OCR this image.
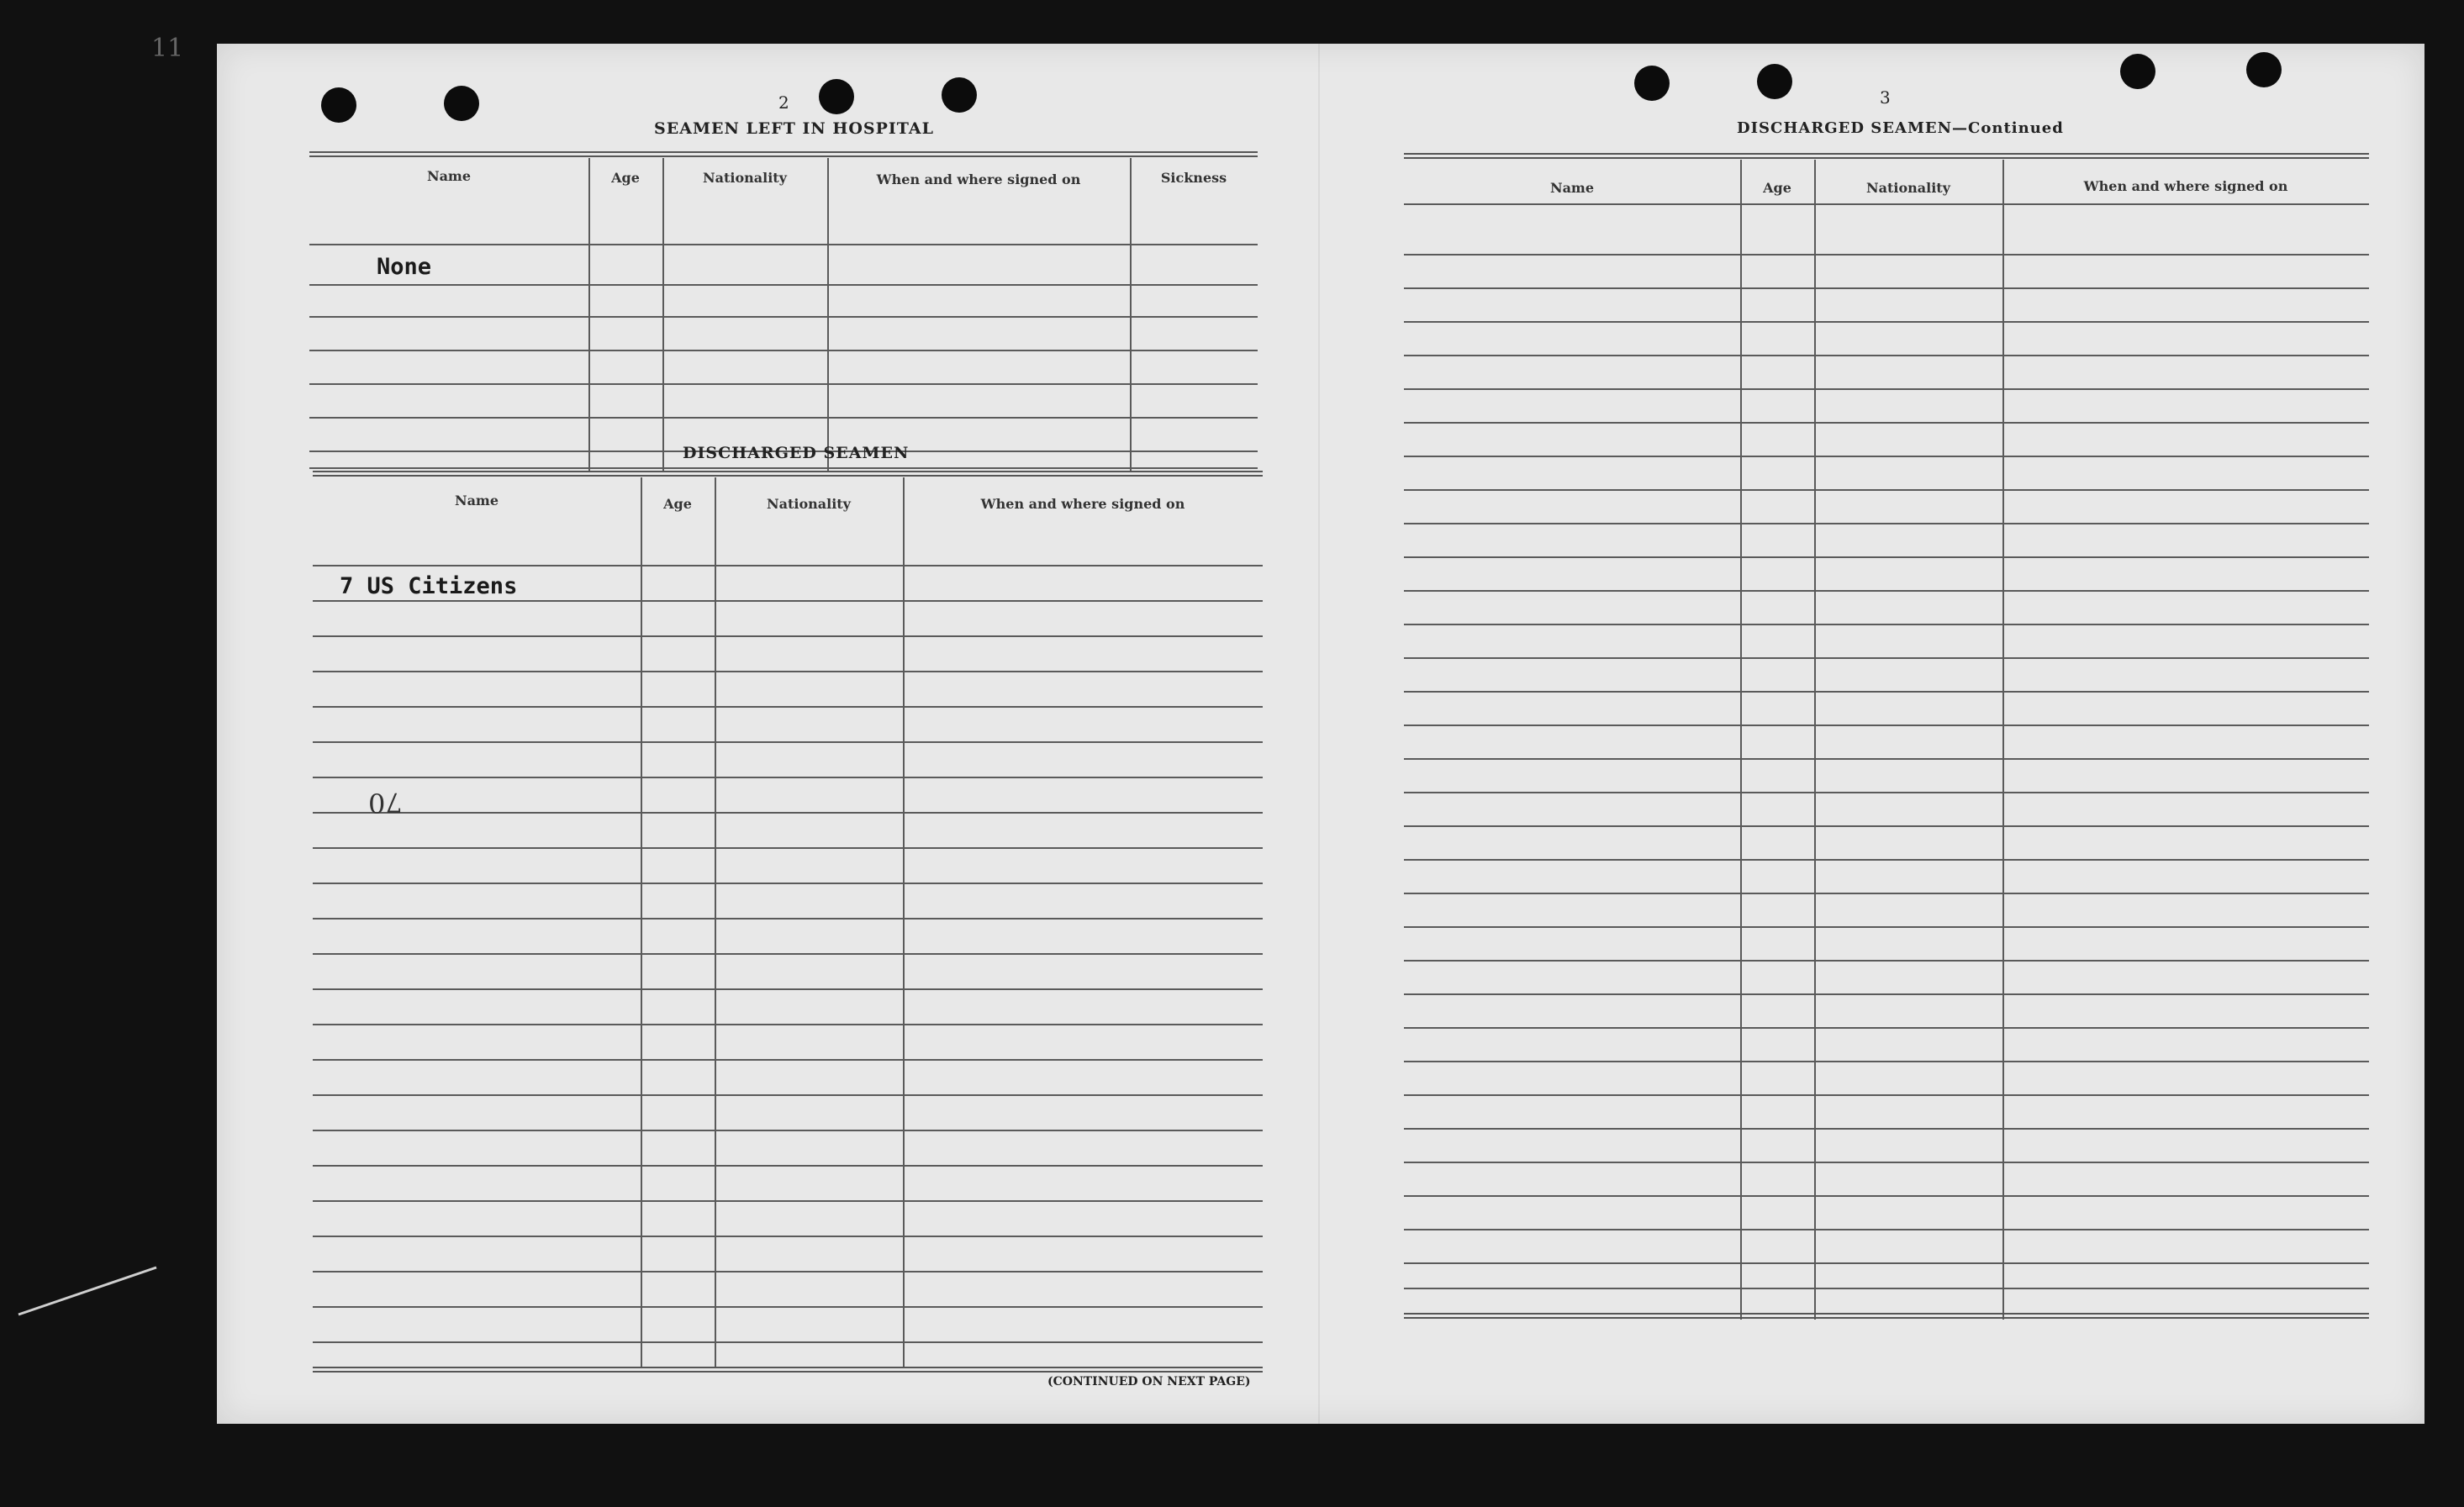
11
2
SEAMEN LEFT IN HOSPITAL
Name	Age	Nationality	When and where signed on	Sickness
None
DISCHARGED SEAMEN
Name	Age	Nationality	When and where signed on
7 US Citizens
70
(CONTINUED ON NEXT PAGE)
3
DISCHARGED SEAMEN—Continued
Name	Age	Nationality	When and where signed on
